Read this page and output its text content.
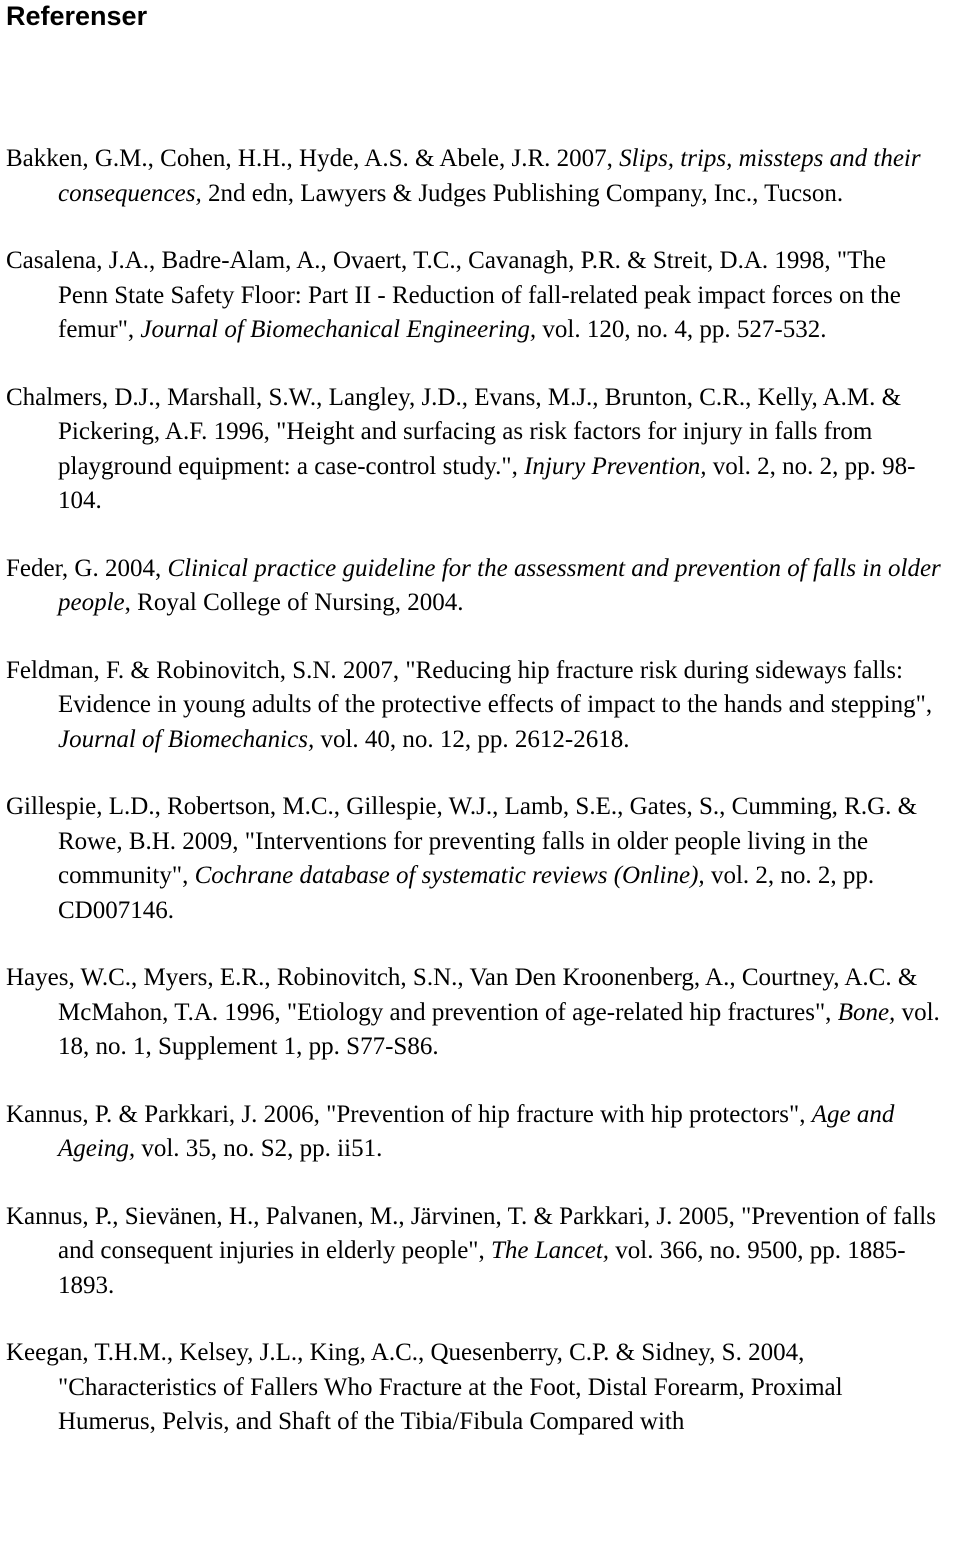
Referenser

Bakken, G.M., Cohen, H.H., Hyde, A.S. & Abele, J.R. 2007, Slips, trips, missteps and their consequences, 2nd edn, Lawyers & Judges Publishing Company, Inc., Tucson.

Casalena, J.A., Badre-Alam, A., Ovaert, T.C., Cavanagh, P.R. & Streit, D.A. 1998, "The Penn State Safety Floor: Part II - Reduction of fall-related peak impact forces on the femur", Journal of Biomechanical Engineering, vol. 120, no. 4, pp. 527-532.

Chalmers, D.J., Marshall, S.W., Langley, J.D., Evans, M.J., Brunton, C.R., Kelly, A.M. & Pickering, A.F. 1996, "Height and surfacing as risk factors for injury in falls from playground equipment: a case-control study.", Injury Prevention, vol. 2, no. 2, pp. 98-104.

Feder, G. 2004, Clinical practice guideline for the assessment and prevention of falls in older people, Royal College of Nursing, 2004.

Feldman, F. & Robinovitch, S.N. 2007, "Reducing hip fracture risk during sideways falls: Evidence in young adults of the protective effects of impact to the hands and stepping", Journal of Biomechanics, vol. 40, no. 12, pp. 2612-2618.

Gillespie, L.D., Robertson, M.C., Gillespie, W.J., Lamb, S.E., Gates, S., Cumming, R.G. & Rowe, B.H. 2009, "Interventions for preventing falls in older people living in the community", Cochrane database of systematic reviews (Online), vol. 2, no. 2, pp. CD007146.

Hayes, W.C., Myers, E.R., Robinovitch, S.N., Van Den Kroonenberg, A., Courtney, A.C. & McMahon, T.A. 1996, "Etiology and prevention of age-related hip fractures", Bone, vol. 18, no. 1, Supplement 1, pp. S77-S86.

Kannus, P. & Parkkari, J. 2006, "Prevention of hip fracture with hip protectors", Age and Ageing, vol. 35, no. S2, pp. ii51.

Kannus, P., Sievänen, H., Palvanen, M., Järvinen, T. & Parkkari, J. 2005, "Prevention of falls and consequent injuries in elderly people", The Lancet, vol. 366, no. 9500, pp. 1885-1893.

Keegan, T.H.M., Kelsey, J.L., King, A.C., Quesenberry, C.P. & Sidney, S. 2004, "Characteristics of Fallers Who Fracture at the Foot, Distal Forearm, Proximal Humerus, Pelvis, and Shaft of the Tibia/Fibula Compared with
